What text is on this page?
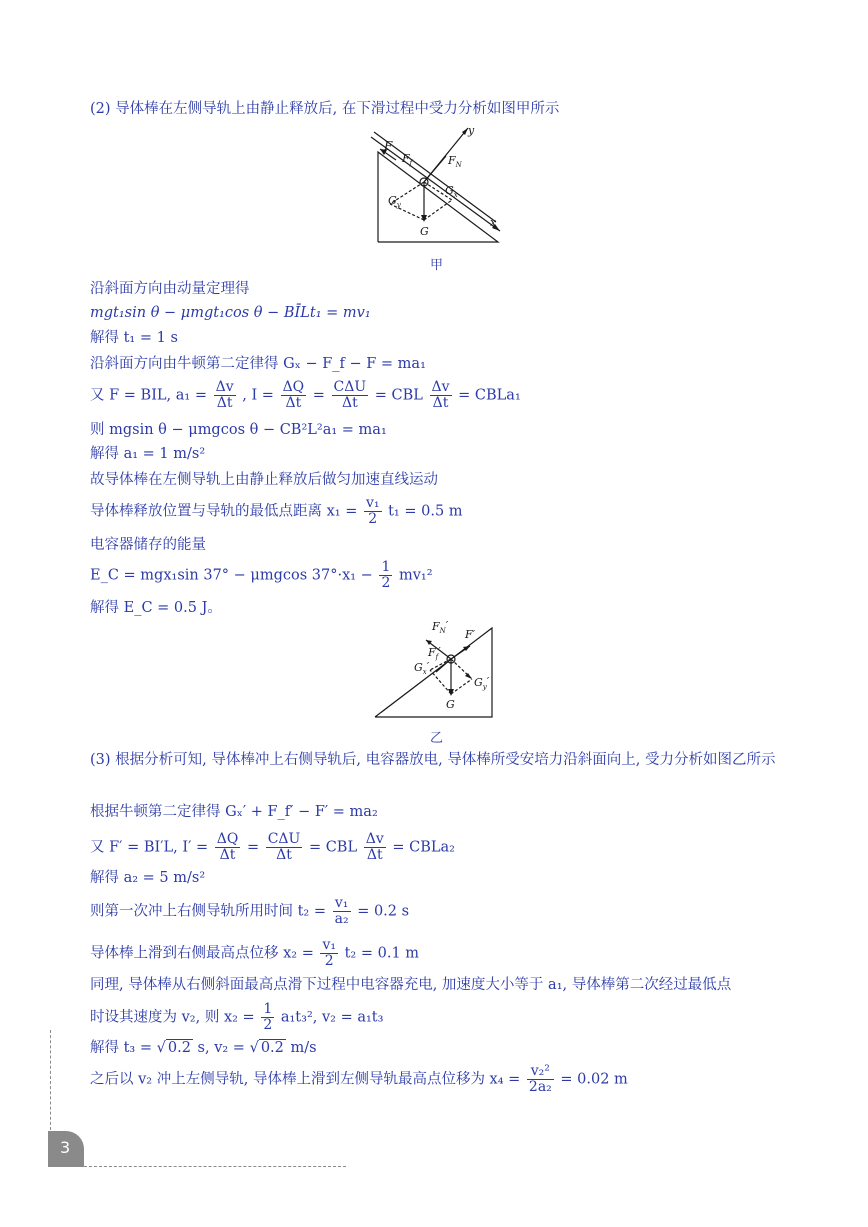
(2) 导体棒在左侧导轨上由静止释放后, 在下滑过程中受力分析如图甲所示
F
$F_f$	$F_N$
y
x
$G_y$
$G_x$
G
甲
沿斜面方向由动量定理得
mgt₁sin θ − μmgt₁cos θ − BĪLt₁ = mv₁
解得 t₁ = 1 s
沿斜面方向由牛顿第二定律得 Gₓ − F_f − F = ma₁
又 F = BIL, $a_1 = \frac{\Delta v}{\Delta t}$ , $I = \frac{\Delta Q}{\Delta t} = \frac{\text{CΔU}}{\Delta t}$ = CBL $\frac{\Delta v}{\Delta t}$ = CBLa₁
则 mgsin θ − μmgcos θ − CB²L²a₁ = ma₁
解得 a₁ = 1 m/s²
故导体棒在左侧导轨上由静止释放后做匀加速直线运动
导体棒释放位置与导轨的最低点距离 $x_1 = \frac{\text{v₁}}{2} t_1 = 0.5$ m
电容器储存的能量
E_C = mgx₁sin 37° − μmgcos $37^\circ\cdot x_1 - \frac{1}{2} mv_1^2$
解得 E_C = 0.5 J。
$F_N'$
F′
$F_f'$
$G_x'$
$G_y'$
G
乙
(3) 根据分析可知, 导体棒冲上右侧导轨后, 电容器放电, 导体棒所受安培力沿斜面向上, 受力分析如图乙所示
根据牛顿第二定律得 Gₓ′ + F_f′ − F′ = ma₂
又 F′ = BI′L, $I' = \frac{\Delta Q}{\Delta t} = \frac{\text{CΔU}}{\Delta t}$ = CBL $\frac{\Delta v}{\Delta t}$ = CBLa₂
解得 a₂ = 5 m/s²
则第一次冲上右侧导轨所用时间 $t_2 = \frac{\text{v₁}}{\text{a₂}} = 0.2$ s
导体棒上滑到右侧最高点位移 $x_2 = \frac{\text{v₁}}{2} t_2 = 0.1$ m
同理, 导体棒从右侧斜面最高点滑下过程中电容器充电, 加速度大小等于 a₁, 导体棒第二次经过最低点
时设其速度为 v₂, 则 $x_2 = \frac{1}{2} a_1t_3^2$, v₂ = a₁t₃
解得 t₃ = √ 0.2 s, v₂ = √ 0.2 m/s
之后以 v₂ 冲上左侧导轨, 导体棒上滑到左侧导轨最高点位移为 $x_4 = \frac{\text{v₂²}}{\text{2a₂}} = 0.02$ m
3
